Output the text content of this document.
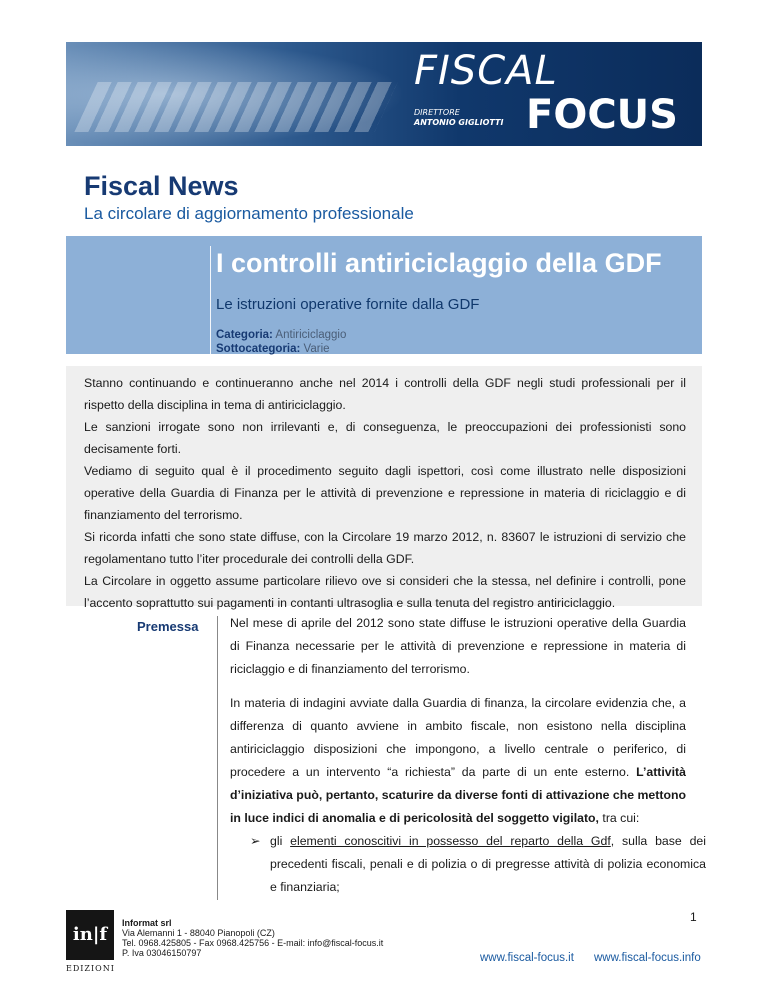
FISCAL
DIRETTORE
ANTONIO GIGLIOTTI FOCUS
Fiscal News
La circolare di aggiornamento professionale
I controlli antiriciclaggio della GDF
Le istruzioni operative fornite dalla GDF
Categoria: Antiriciclaggio
Sottocategoria: Varie

Stanno continuando e continueranno anche nel 2014 i controlli della GDF negli studi professionali per il rispetto della disciplina in tema di antiriciclaggio.

Le sanzioni irrogate sono non irrilevanti e, di conseguenza, le preoccupazioni dei professionisti sono decisamente forti.

Vediamo di seguito qual è il procedimento seguito dagli ispettori, così come illustrato nelle disposizioni operative della Guardia di Finanza per le attività di prevenzione e repressione in materia di riciclaggio e di finanziamento del terrorismo.

Si ricorda infatti che sono state diffuse, con la Circolare 19 marzo 2012, n. 83607 le istruzioni di servizio che regolamentano tutto l’iter procedurale dei controlli della GDF.

La Circolare in oggetto assume particolare rilievo ove si consideri che la stessa, nel definire i controlli, pone l’accento soprattutto sui pagamenti in contanti ultrasoglia e sulla tenuta del registro antiriciclaggio.

Premessa	Nel mese di aprile del 2012 sono state diffuse le istruzioni operative della Guardia di Finanza necessarie per le attività di prevenzione e repressione in materia di riciclaggio e di finanziamento del terrorismo.

In materia di indagini avviate dalla Guardia di finanza, la circolare evidenzia che, a differenza di quanto avviene in ambito fiscale, non esistono nella disciplina antiriciclaggio disposizioni che impongono, a livello centrale o periferico, di procedere a un intervento “a richiesta” da parte di un ente esterno. L’attività d’iniziativa può, pertanto, scaturire da diverse fonti di attivazione che mettono in luce indici di anomalia e di pericolosità del soggetto vigilato, tra cui:

➢ gli elementi conoscitivi in possesso del reparto della Gdf, sulla base dei precedenti fiscali, penali e di polizia o di pregresse attività di polizia economica e finanziaria;

in|f
EDIZIONI
Informat srl
Via Alemanni 1 - 88040 Pianopoli (CZ)
Tel. 0968.425805 - Fax 0968.425756 - E-mail: info@fiscal-focus.it
P. Iva 03046150797
1
www.fiscal-focus.it www.fiscal-focus.info
